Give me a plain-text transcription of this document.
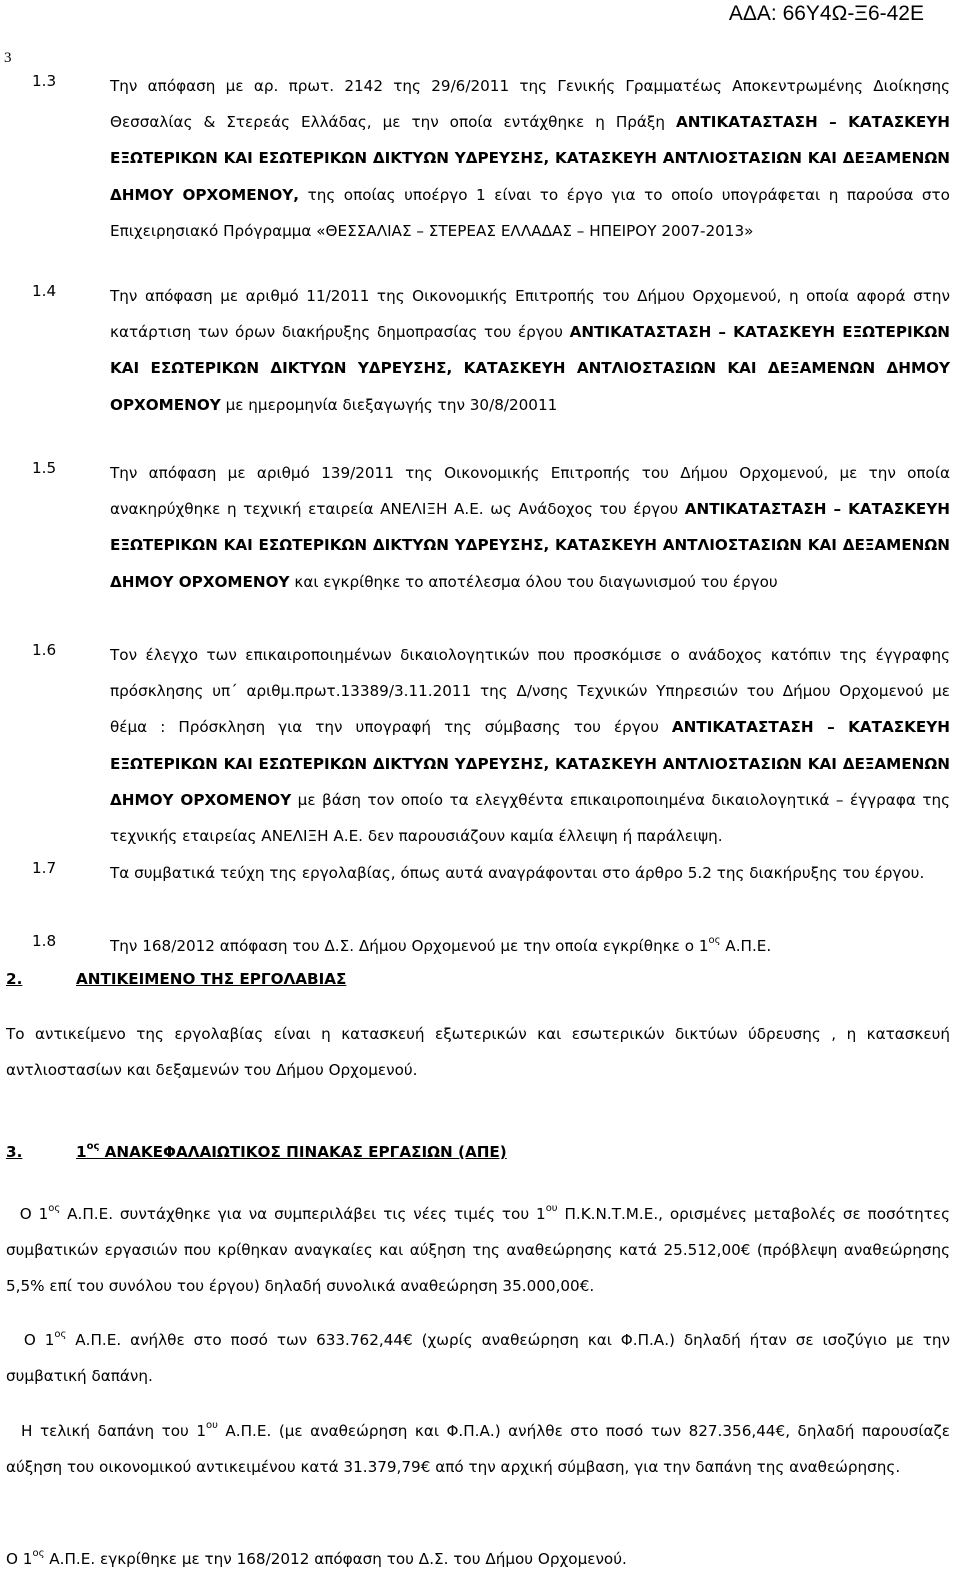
ΑΔΑ: 66Υ4Ω-Ξ6-42Ε
3
1.3	Την απόφαση με αρ. πρωτ. 2142 της 29/6/2011 της Γενικής Γραμματέως Αποκεντρωμένης Διοίκησης Θεσσαλίας & Στερεάς Ελλάδας, με την οποία εντάχθηκε η Πράξη ΑΝΤΙΚΑΤΑΣΤΑΣΗ – ΚΑΤΑΣΚΕΥΗ ΕΞΩΤΕΡΙΚΩΝ ΚΑΙ ΕΣΩΤΕΡΙΚΩΝ ΔΙΚΤΥΩΝ ΥΔΡΕΥΣΗΣ, ΚΑΤΑΣΚΕΥΗ ΑΝΤΛΙΟΣΤΑΣΙΩΝ ΚΑΙ ΔΕΞΑΜΕΝΩΝ ΔΗΜΟΥ ΟΡΧΟΜΕΝΟΥ, της οποίας υποέργο 1 είναι το έργο για το οποίο υπογράφεται η παρούσα στο Επιχειρησιακό Πρόγραμμα «ΘΕΣΣΑΛΙΑΣ – ΣΤΕΡΕΑΣ ΕΛΛΑΔΑΣ – ΗΠΕΙΡΟΥ 2007-2013»
1.4	Την απόφαση με αριθμό 11/2011 της Οικονομικής Επιτροπής του Δήμου Ορχομενού, η οποία αφορά στην κατάρτιση των όρων διακήρυξης δημοπρασίας του έργου ΑΝΤΙΚΑΤΑΣΤΑΣΗ – ΚΑΤΑΣΚΕΥΗ ΕΞΩΤΕΡΙΚΩΝ ΚΑΙ ΕΣΩΤΕΡΙΚΩΝ ΔΙΚΤΥΩΝ ΥΔΡΕΥΣΗΣ, ΚΑΤΑΣΚΕΥΗ ΑΝΤΛΙΟΣΤΑΣΙΩΝ ΚΑΙ ΔΕΞΑΜΕΝΩΝ ΔΗΜΟΥ ΟΡΧΟΜΕΝΟΥ με ημερομηνία διεξαγωγής την 30/8/20011
1.5	Την απόφαση με αριθμό 139/2011 της Οικονομικής Επιτροπής του Δήμου Ορχομενού, με την οποία ανακηρύχθηκε η τεχνική εταιρεία ΑΝΕΛΙΞΗ Α.Ε. ως Ανάδοχος του έργου ΑΝΤΙΚΑΤΑΣΤΑΣΗ – ΚΑΤΑΣΚΕΥΗ ΕΞΩΤΕΡΙΚΩΝ ΚΑΙ ΕΣΩΤΕΡΙΚΩΝ ΔΙΚΤΥΩΝ ΥΔΡΕΥΣΗΣ, ΚΑΤΑΣΚΕΥΗ ΑΝΤΛΙΟΣΤΑΣΙΩΝ ΚΑΙ ΔΕΞΑΜΕΝΩΝ ΔΗΜΟΥ ΟΡΧΟΜΕΝΟΥ και εγκρίθηκε το αποτέλεσμα όλου του διαγωνισμού του έργου
1.6	Τον έλεγχο των επικαιροποιημένων δικαιολογητικών που προσκόμισε ο ανάδοχος κατόπιν της έγγραφης πρόσκλησης υπ΄ αριθμ.πρωτ.13389/3.11.2011 της Δ/νσης Τεχνικών Υπηρεσιών του Δήμου Ορχομενού με θέμα : Πρόσκληση για την υπογραφή της σύμβασης του έργου ΑΝΤΙΚΑΤΑΣΤΑΣΗ – ΚΑΤΑΣΚΕΥΗ ΕΞΩΤΕΡΙΚΩΝ ΚΑΙ ΕΣΩΤΕΡΙΚΩΝ ΔΙΚΤΥΩΝ ΥΔΡΕΥΣΗΣ, ΚΑΤΑΣΚΕΥΗ ΑΝΤΛΙΟΣΤΑΣΙΩΝ ΚΑΙ ΔΕΞΑΜΕΝΩΝ ΔΗΜΟΥ ΟΡΧΟΜΕΝΟΥ με βάση τον οποίο τα ελεγχθέντα επικαιροποιημένα δικαιολογητικά – έγγραφα της τεχνικής εταιρείας ΑΝΕΛΙΞΗ Α.Ε. δεν παρουσιάζουν καμία έλλειψη ή παράλειψη.
1.7	Τα συμβατικά τεύχη της εργολαβίας, όπως αυτά αναγράφονται στο άρθρο 5.2 της διακήρυξης του έργου.
1.8	Την 168/2012 απόφαση του Δ.Σ. Δήμου Ορχομενού με την οποία εγκρίθηκε ο $1^{o\varsigma}$ Α.Π.Ε.
2.	ΑΝΤΙΚΕΙΜΕΝΟ ΤΗΣ ΕΡΓΟΛΑΒΙΑΣ
Το αντικείμενο της εργολαβίας είναι η κατασκευή εξωτερικών και εσωτερικών δικτύων ύδρευσης , η κατασκευή αντλιοστασίων και δεξαμενών του Δήμου Ορχομενού.
3.	$1^{o\varsigma}$ ΑΝΑΚΕΦΑΛΑΙΩΤΙΚΟΣ ΠΙΝΑΚΑΣ ΕΡΓΑΣΙΩΝ (ΑΠΕ)
Ο $1^{o\varsigma}$ Α.Π.Ε. συντάχθηκε για να συμπεριλάβει τις νέες τιμές του $1^{o\upsilon}$ Π.Κ.Ν.Τ.Μ.Ε., ορισμένες μεταβολές σε ποσότητες συμβατικών εργασιών που κρίθηκαν αναγκαίες και αύξηση της αναθεώρησης κατά 25.512,00€ (πρόβλεψη αναθεώρησης 5,5% επί του συνόλου του έργου) δηλαδή συνολικά αναθεώρηση 35.000,00€.
Ο $1^{o\varsigma}$ Α.Π.Ε. ανήλθε στο ποσό των 633.762,44€ (χωρίς αναθεώρηση και Φ.Π.Α.) δηλαδή ήταν σε ισοζύγιο με την συμβατική δαπάνη.
Η τελική δαπάνη του $1^{o\upsilon}$ Α.Π.Ε. (με αναθεώρηση και Φ.Π.Α.) ανήλθε στο ποσό των 827.356,44€, δηλαδή παρουσίαζε αύξηση του οικονομικού αντικειμένου κατά 31.379,79€ από την αρχική σύμβαση, για την δαπάνη της αναθεώρησης.
Ο $1^{o\varsigma}$ Α.Π.Ε. εγκρίθηκε με την 168/2012 απόφαση του Δ.Σ. του Δήμου Ορχομενού.
